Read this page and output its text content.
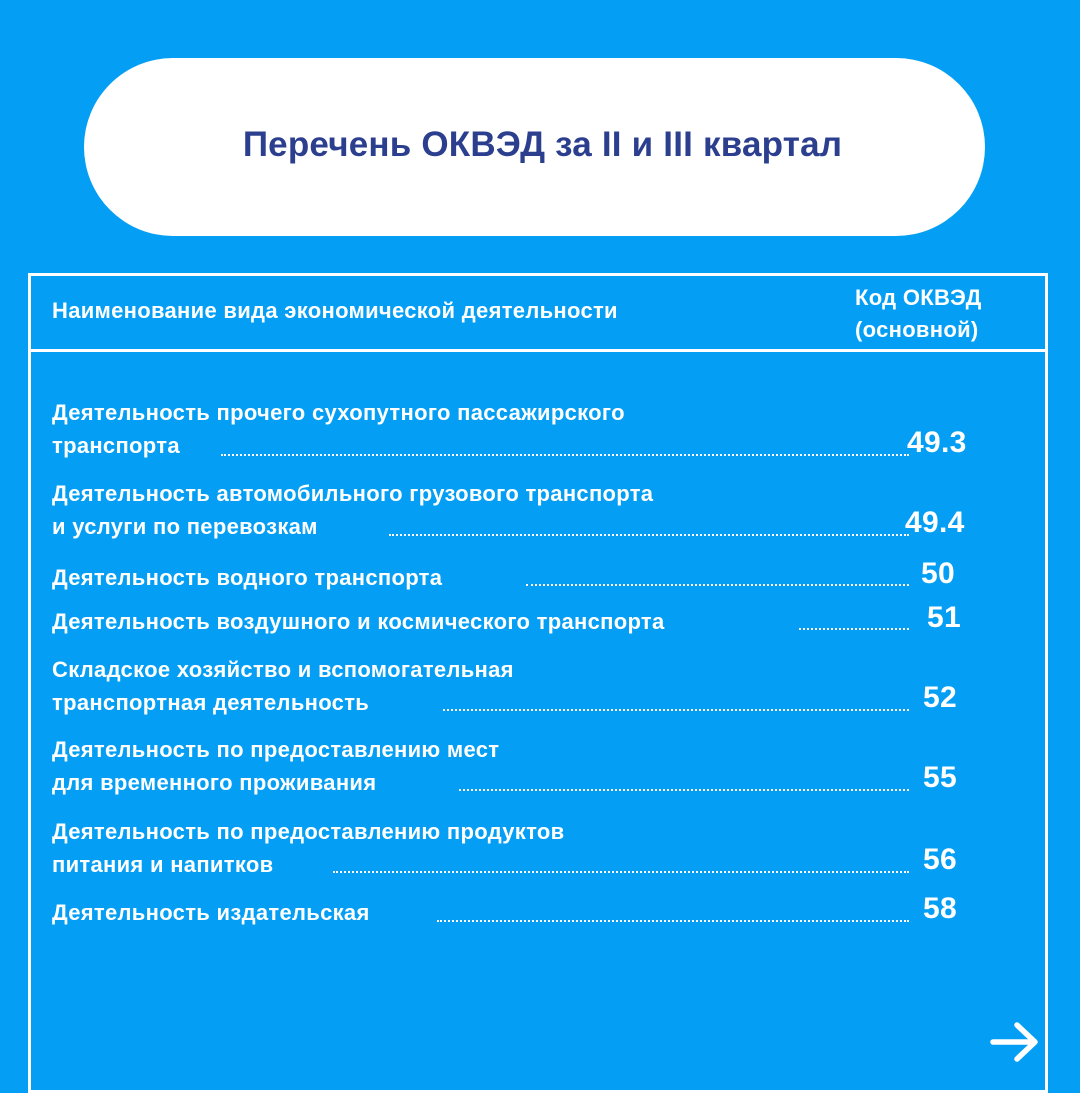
Перечень ОКВЭД за II и III квартал
Наименование вида экономической деятельности
Код ОКВЭД
(основной)
Деятельность прочего сухопутного пассажирского
транспорта	49.3
Деятельность автомобильного грузового транспорта
и услуги по перевозкам	49.4
Деятельность водного транспорта	50
Деятельность воздушного и космического транспорта	51
Складское хозяйство и вспомогательная
транспортная деятельность	52
Деятельность по предоставлению мест
для временного проживания	55
Деятельность по предоставлению продуктов
питания и напитков	56
Деятельность издательская	58
